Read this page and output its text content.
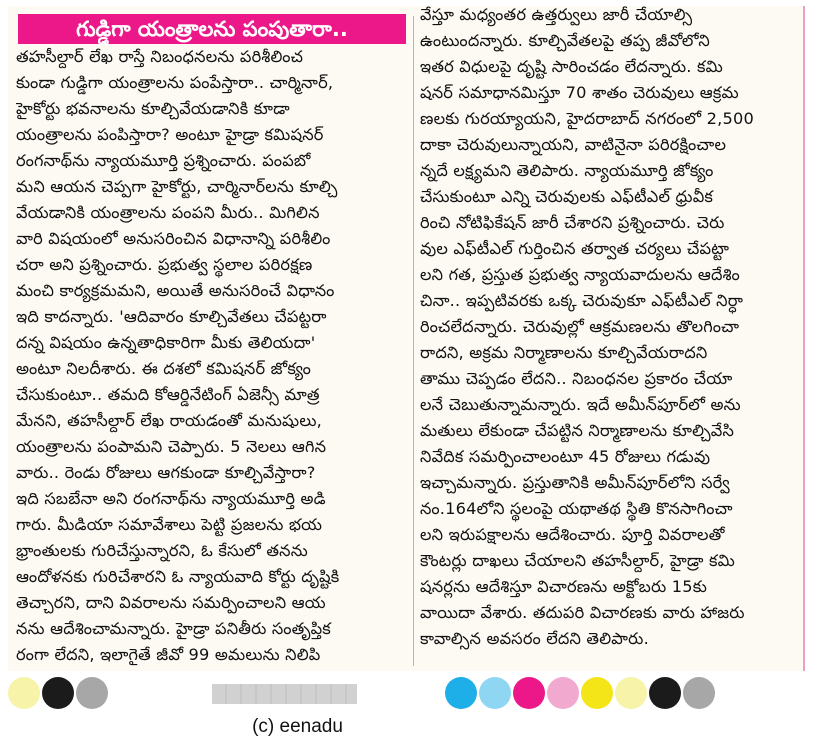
గుడ్డిగా యంత్రాలను పంపుతారా..
తహసీల్దార్ లేఖ రాస్తే నిబంధనలను పరిశీలించ
కుండా గుడ్డిగా యంత్రాలను పంపేస్తారా.. చార్మినార్,
హైకోర్టు భవనాలను కూల్చివేయడానికి కూడా
యంత్రాలను పంపిస్తారా? అంటూ హైడ్రా కమిషనర్
రంగనాథ్‌ను న్యాయమూర్తి ప్రశ్నించారు. పంపబో
మని ఆయన చెప్పగా హైకోర్టు, చార్మినార్‌లను కూల్చి
వేయడానికి యంత్రాలను పంపని మీరు.. మిగిలిన
వారి విషయంలో అనుసరించిన విధానాన్ని పరిశీలిం
చరా అని ప్రశ్నించారు. ప్రభుత్వ స్థలాల పరిరక్షణ
మంచి కార్యక్రమమని, అయితే అనుసరించే విధానం
ఇది కాదన్నారు. 'ఆదివారం కూల్చివేతలు చేపట్టరా
దన్న విషయం ఉన్నతాధికారిగా మీకు తెలియదా'
అంటూ నిలదీశారు. ఈ దశలో కమిషనర్ జోక్యం
చేసుకుంటూ.. తమది కోఆర్డినేటింగ్ ఏజెన్సీ మాత్ర
మేనని, తహసీల్దార్ లేఖ రాయడంతో మనుషులు,
యంత్రాలను పంపామని చెప్పారు. 5 నెలలు ఆగిన
వారు.. రెండు రోజులు ఆగకుండా కూల్చివేస్తారా?
ఇది సబబేనా అని రంగనాథ్‌ను న్యాయమూర్తి అడి
గారు. మీడియా సమావేశాలు పెట్టి ప్రజలను భయ
భ్రాంతులకు గురిచేస్తున్నారని, ఓ కేసులో తనను
ఆందోళనకు గురిచేశారని ఓ న్యాయవాది కోర్టు దృష్టికి
తెచ్చారని, దాని వివరాలను సమర్పించాలని ఆయ
నను ఆదేశించామన్నారు. హైడ్రా పనితీరు సంతృప్తిక
రంగా లేదని, ఇలాగైతే జీవో 99 అమలును నిలిపి
వేస్తూ మధ్యంతర ఉత్తర్వులు జారీ చేయాల్సి
ఉంటుందన్నారు. కూల్చివేతలపై తప్ప జీవోలోని
ఇతర విధులపై దృష్టి సారించడం లేదన్నారు. కమి
షనర్ సమాధానమిస్తూ 70 శాతం చెరువులు ఆక్రమ
ణలకు గురయ్యాయని, హైదరాబాద్ నగరంలో 2,500
దాకా చెరువులున్నాయని, వాటినైనా పరిరక్షించాల
న్నదే లక్ష్యమని తెలిపారు. న్యాయమూర్తి జోక్యం
చేసుకుంటూ ఎన్ని చెరువులకు ఎఫ్‌టీఎల్ ధ్రువీక
రించి నోటిఫికేషన్ జారీ చేశారని ప్రశ్నించారు. చెరు
వుల ఎఫ్‌టీఎల్ గుర్తించిన తర్వాత చర్యలు చేపట్టా
లని గత, ప్రస్తుత ప్రభుత్వ న్యాయవాదులను ఆదేశిం
చినా.. ఇప్పటివరకు ఒక్క చెరువుకూ ఎఫ్‌టీఎల్ నిర్ధా
రించలేదన్నారు. చెరువుల్లో ఆక్రమణలను తొలగించా
రాదని, అక్రమ నిర్మాణాలను కూల్చివేయరాదని
తాము చెప్పడం లేదని.. నిబంధనల ప్రకారం చేయా
లనే చెబుతున్నామన్నారు. ఇదే అమీన్‌పూర్‌లో అను
మతులు లేకుండా చేపట్టిన నిర్మాణాలను కూల్చివేసి
నివేదిక సమర్పించాలంటూ 45 రోజులు గడువు
ఇచ్చామన్నారు. ప్రస్తుతానికి అమీన్‌పూర్‌లోని సర్వే
నం.164లోని స్థలంపై యథాతథ స్థితి కొనసాగించా
లని ఇరుపక్షాలను ఆదేశించారు. పూర్తి వివరాలతో
కౌంటర్లు దాఖలు చేయాలని తహసీల్దార్, హైడ్రా కమి
షనర్లను ఆదేశిస్తూ విచారణను అక్టోబరు 15కు
వాయిదా వేశారు. తదుపరి విచారణకు వారు హాజరు
కావాల్సిన అవసరం లేదని తెలిపారు.
(c) eenadu
